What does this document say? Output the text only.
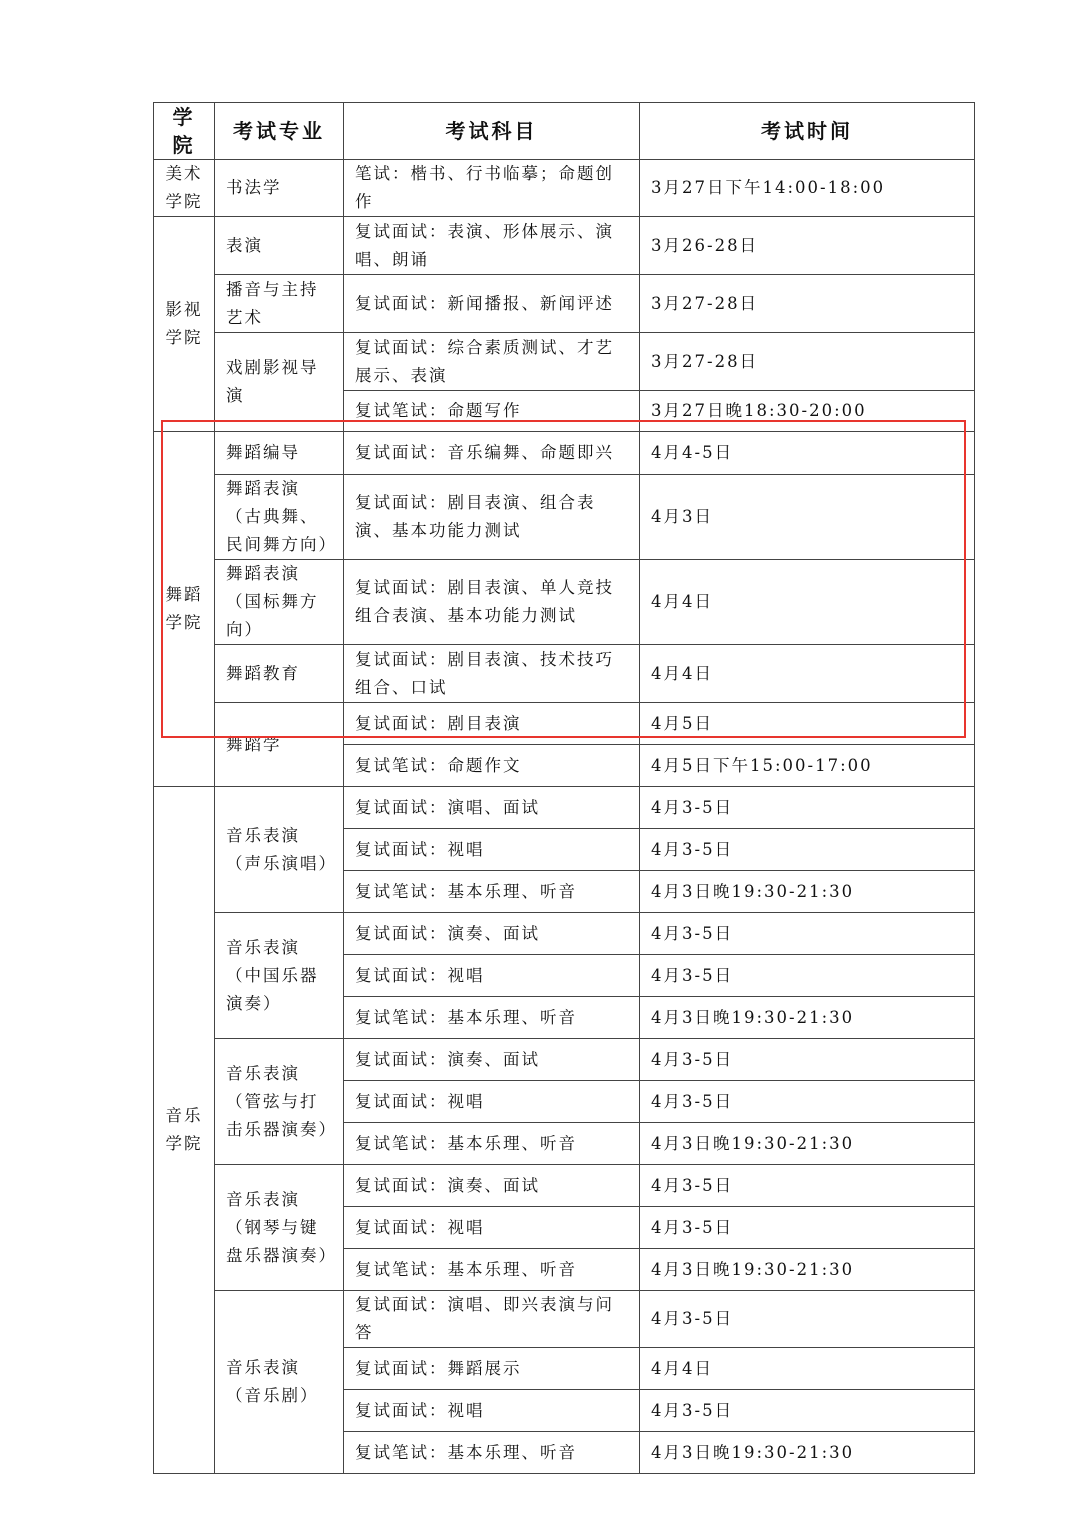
学院	考试专业	考试科目	考试时间
美术学院	书法学	笔试：楷书、行书临摹；命题创作	3月27日下午14:00-18:00
影视学院	表演	复试面试：表演、形体展示、演唱、朗诵	3月26-28日
	播音与主持艺术	复试面试：新闻播报、新闻评述	3月27-28日
	戏剧影视导演	复试面试：综合素质测试、才艺展示、表演	3月27-28日
		复试笔试：命题写作	3月27日晚18:30-20:00
舞蹈学院	舞蹈编导	复试面试：音乐编舞、命题即兴	4月4-5日
	舞蹈表演（古典舞、民间舞方向）	复试面试：剧目表演、组合表演、基本功能力测试	4月3日
	舞蹈表演（国标舞方向）	复试面试：剧目表演、单人竞技组合表演、基本功能力测试	4月4日
	舞蹈教育	复试面试：剧目表演、技术技巧组合、口试	4月4日
	舞蹈学	复试面试：剧目表演	4月5日
		复试笔试：命题作文	4月5日下午15:00-17:00
音乐学院	音乐表演（声乐演唱）	复试面试：演唱、面试	4月3-5日
		复试面试：视唱	4月3-5日
		复试笔试：基本乐理、听音	4月3日晚19:30-21:30
	音乐表演（中国乐器演奏）	复试面试：演奏、面试	4月3-5日
		复试面试：视唱	4月3-5日
		复试笔试：基本乐理、听音	4月3日晚19:30-21:30
	音乐表演（管弦与打击乐器演奏）	复试面试：演奏、面试	4月3-5日
		复试面试：视唱	4月3-5日
		复试笔试：基本乐理、听音	4月3日晚19:30-21:30
	音乐表演（钢琴与键盘乐器演奏）	复试面试：演奏、面试	4月3-5日
		复试面试：视唱	4月3-5日
		复试笔试：基本乐理、听音	4月3日晚19:30-21:30
	音乐表演（音乐剧）	复试面试：演唱、即兴表演与问答	4月3-5日
		复试面试：舞蹈展示	4月4日
		复试面试：视唱	4月3-5日
		复试笔试：基本乐理、听音	4月3日晚19:30-21:30
